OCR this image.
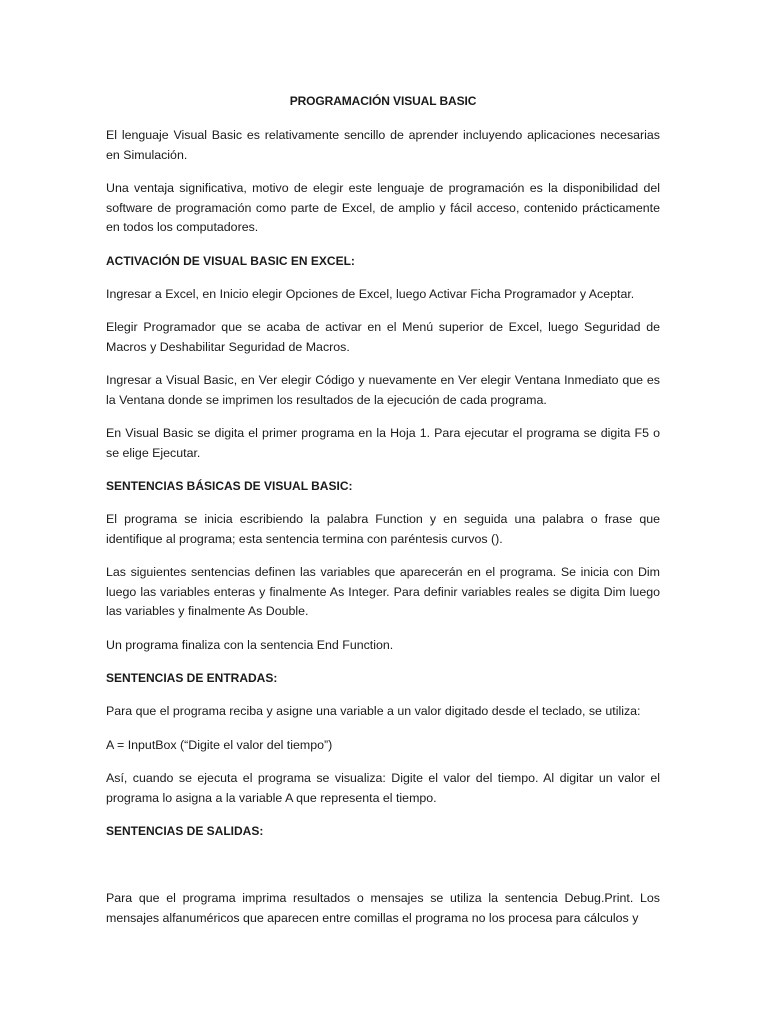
PROGRAMACIÓN VISUAL BASIC
El lenguaje Visual Basic es relativamente sencillo de aprender incluyendo aplicaciones necesarias en Simulación.
Una ventaja significativa, motivo de elegir este lenguaje de programación es la disponibilidad del software de programación como parte de Excel, de amplio y fácil acceso, contenido prácticamente en todos los computadores.
ACTIVACIÓN DE VISUAL BASIC EN EXCEL:
Ingresar a Excel, en Inicio elegir Opciones de Excel, luego Activar Ficha Programador y Aceptar.
Elegir Programador que se acaba de activar en el Menú superior de Excel, luego Seguridad de Macros y Deshabilitar Seguridad de Macros.
Ingresar a Visual Basic, en Ver elegir Código y nuevamente en Ver elegir Ventana Inmediato que es la Ventana donde se imprimen los resultados de la ejecución de cada programa.
En Visual Basic se digita el primer programa en la Hoja 1. Para ejecutar el programa se digita F5 o se elige Ejecutar.
SENTENCIAS BÁSICAS DE VISUAL BASIC:
El programa se inicia escribiendo la palabra Function y en seguida una palabra o frase que identifique al programa; esta sentencia termina con paréntesis curvos ().
Las siguientes sentencias definen las variables que aparecerán en el programa. Se inicia con Dim luego las variables enteras y finalmente As Integer. Para definir variables reales se digita Dim luego las variables y finalmente As Double.
Un programa finaliza con la sentencia End Function.
SENTENCIAS DE ENTRADAS:
Para que el programa reciba y asigne una variable a un valor digitado desde el teclado, se utiliza:
A = InputBox (“Digite el valor del tiempo”)
Así, cuando se ejecuta el programa se visualiza: Digite el valor del tiempo. Al digitar un valor el programa lo asigna a la variable A que representa el tiempo.
SENTENCIAS DE SALIDAS:
Para que el programa imprima resultados o mensajes se utiliza la sentencia Debug.Print. Los mensajes alfanuméricos que aparecen entre comillas el programa no los procesa para cálculos y
